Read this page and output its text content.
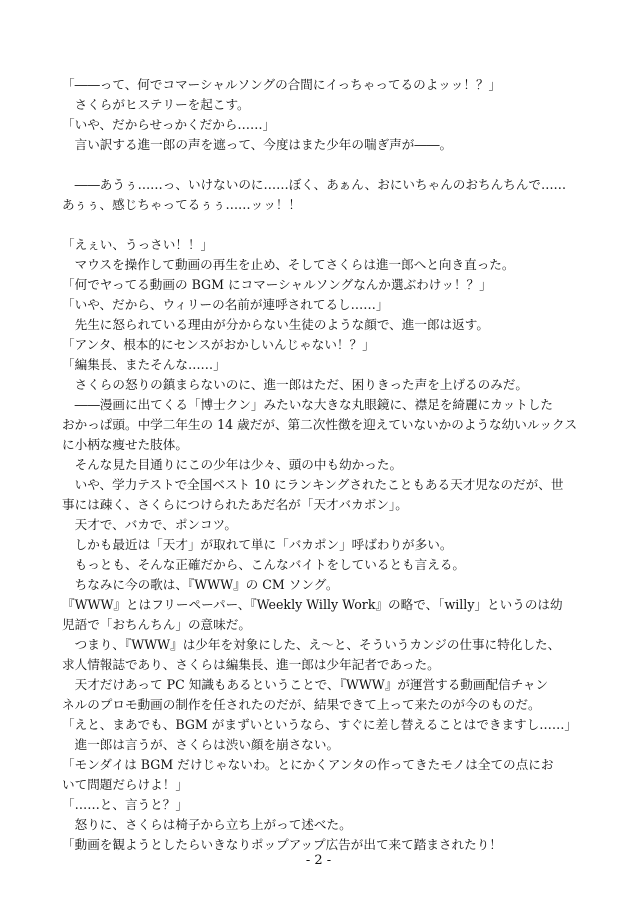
「――って、何でコマーシャルソングの合間にイっちゃってるのよッッ！？」
　さくらがヒステリーを起こす。
「いや、だからせっかくだから……」
　言い訳する進一郎の声を遮って、今度はまた少年の喘ぎ声が――。
　――あうぅ……っ、いけないのに……ぼく、あぁん、おにいちゃんのおちんちんで……
あぅぅ、感じちゃってるぅぅ……ッッ！！
「えぇい、うっさい！！」
　マウスを操作して動画の再生を止め、そしてさくらは進一郎へと向き直った。
「何でヤってる動画の BGM にコマーシャルソングなんか選ぶわけッ！？」
「いや、だから、ウィリーの名前が連呼されてるし……」
　先生に怒られている理由が分からない生徒のような顔で、進一郎は返す。
「アンタ、根本的にセンスがおかしいんじゃない！？」
「編集長、またそんな……」
　さくらの怒りの鎮まらないのに、進一郎はただ、困りきった声を上げるのみだ。
　――漫画に出てくる「博士クン」みたいな大きな丸眼鏡に、襟足を綺麗にカットした
おかっぱ頭。中学二年生の 14 歳だが、第二次性徴を迎えていないかのような幼いルックス
に小柄な痩せた肢体。
　そんな見た目通りにこの少年は少々、頭の中も幼かった。
　いや、学力テストで全国ベスト 10 にランキングされたこともある天才児なのだが、世
事には疎く、さくらにつけられたあだ名が「天才バカボン」。
　天才で、バカで、ポンコツ。
　しかも最近は「天才」が取れて単に「バカポン」呼ばわりが多い。
　もっとも、そんな正確だから、こんなバイトをしているとも言える。
　ちなみに今の歌は、『WWW』の CM ソング。
『WWW』とはフリーペーパー、『Weekly Willy Work』の略で、「willy」というのは幼
児語で「おちんちん」の意味だ。
　つまり、『WWW』は少年を対象にした、え～と、そういうカンジの仕事に特化した、
求人情報誌であり、さくらは編集長、進一郎は少年記者であった。
　天才だけあって PC 知識もあるということで、『WWW』が運営する動画配信チャン
ネルのプロモ動画の制作を任されたのだが、結果できて上って来たのが今のものだ。
「えと、まあでも、BGM がまずいというなら、すぐに差し替えることはできますし……」
　進一郎は言うが、さくらは渋い顔を崩さない。
「モンダイは BGM だけじゃないわ。とにかくアンタの作ってきたモノは全ての点にお
いて問題だらけよ！」
「……と、言うと？」
　怒りに、さくらは椅子から立ち上がって述べた。
「動画を観ようとしたらいきなりポップアップ広告が出て来て踏まされたり！
- 2 -
